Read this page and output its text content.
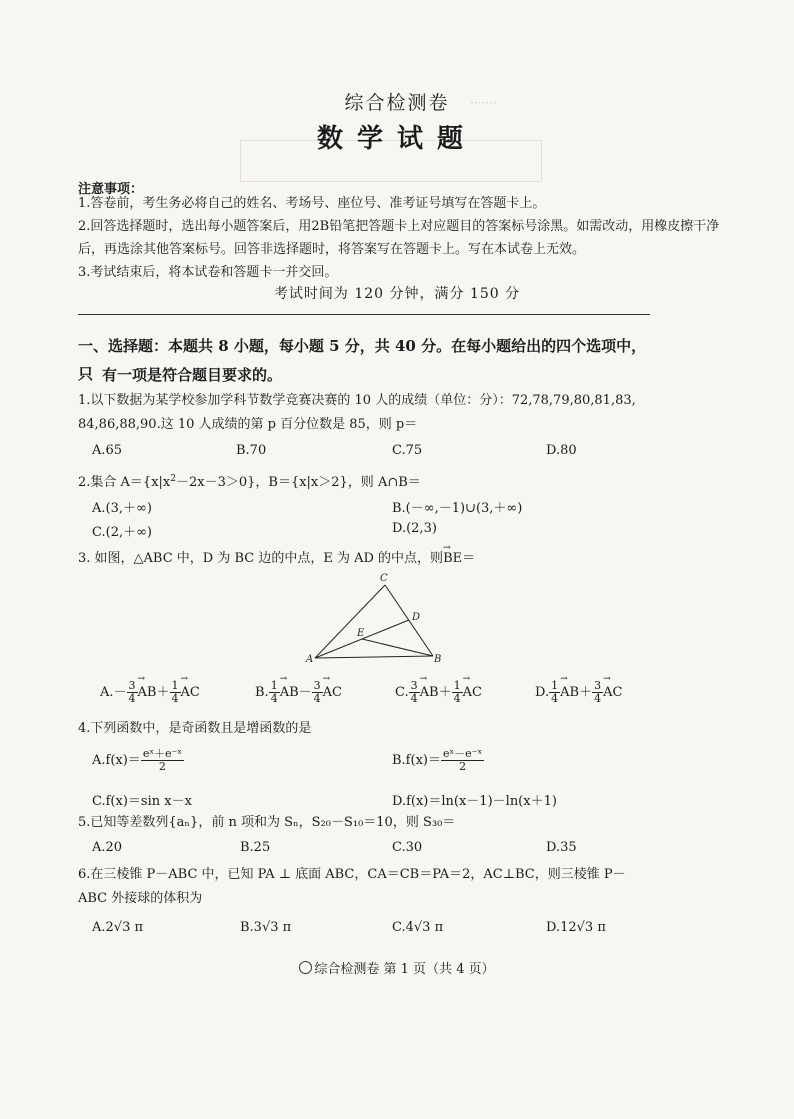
·······
综合检测卷
数学试题
注意事项：
1.答卷前，考生务必将自己的姓名、考场号、座位号、准考证号填写在答题卡上。
2.回答选择题时，选出每小题答案后，用2B铅笔把答题卡上对应题目的答案标号涂黑。如需改动，用橡皮擦干净后，再选涂其他答案标号。回答非选择题时，将答案写在答题卡上。写在本试卷上无效。
3.考试结束后，将本试卷和答题卡一并交回。
考试时间为 120 分钟，满分 150 分
一、选择题：本题共 8 小题，每小题 5 分，共 40 分。在每小题给出的四个选项中，只 有一项是符合题目要求的。
1.以下数据为某学校参加学科节数学竞赛决赛的 10 人的成绩（单位：分）：72,78,79,80,81,83,
84,86,88,90.这 10 人成绩的第 p 百分位数是 85，则 p＝
A.65	B.70	C.75	D.80
2.集合 $A=\{x|x^2-2x-3>0\}$，B＝{x|x＞2}，则 A∩B＝
A.(3,＋∞)	B.(－∞,－1)∪(3,＋∞)
C.(2,＋∞)	D.(2,3)
3. 如图，△ABC 中，D 为 BC 边的中点，E 为 AD 的中点，则→ BE＝
C
D
E
A	B
$A.- \frac{3}{4}$
→ $AB+ \frac{1}{4}$
→ AC	B. $\frac{1}{4}$
→ $AB- \frac{3}{4}$
→ AC	C. $\frac{3}{4}$
→ $AB+ \frac{1}{4}$
→ AC	D. $\frac{1}{4}$
→ $AB+ \frac{3}{4}$
→ AC
4.下列函数中，是奇函数且是增函数的是
$A.f(x)= \frac{\text{eˣ＋e⁻ˣ}}{2}$	$B.f(x)= \frac{\text{eˣ－e⁻ˣ}}{2}$
C.f(x)＝sin x－x	D.f(x)＝ln(x－1)－ln(x＋1)
5.已知等差数列{aₙ}，前 n 项和为 Sₙ，S₂₀－S₁₀＝10，则 S₃₀＝
A.20	B.25	C.30	D.35
6.在三棱锥 P－ABC 中，已知 PA ⊥ 底面 ABC，CA＝CB＝PA＝2，AC⊥BC，则三棱锥 P－
ABC 外接球的体积为
A.2√3 π	B.3√3 π	C.4√3 π	D.12√3 π
综合检测卷 第 1 页（共 4 页）
